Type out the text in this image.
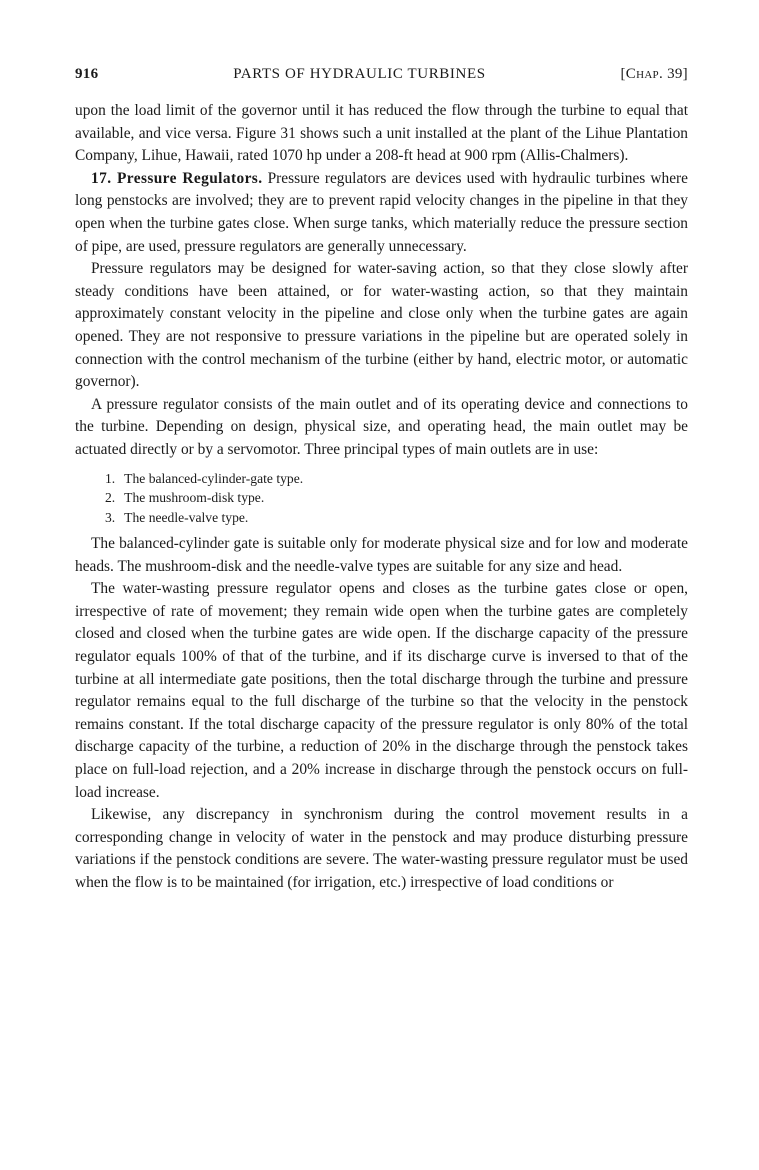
916	PARTS OF HYDRAULIC TURBINES	[Chap. 39]

upon the load limit of the governor until it has reduced the flow through the turbine to equal that available, and vice versa. Figure 31 shows such a unit installed at the plant of the Lihue Plantation Company, Lihue, Hawaii, rated 1070 hp under a 208-ft head at 900 rpm (Allis-Chalmers).

17. Pressure Regulators. Pressure regulators are devices used with hydraulic turbines where long penstocks are involved; they are to prevent rapid velocity changes in the pipeline in that they open when the turbine gates close. When surge tanks, which materially reduce the pressure section of pipe, are used, pressure regulators are generally unnecessary.

Pressure regulators may be designed for water-saving action, so that they close slowly after steady conditions have been attained, or for water-wasting action, so that they maintain approximately constant velocity in the pipeline and close only when the turbine gates are again opened. They are not responsive to pressure variations in the pipeline but are operated solely in connection with the control mechanism of the turbine (either by hand, electric motor, or automatic governor).

A pressure regulator consists of the main outlet and of its operating device and connections to the turbine. Depending on design, physical size, and operating head, the main outlet may be actuated directly or by a servomotor. Three principal types of main outlets are in use:

1. The balanced-cylinder-gate type.
2. The mushroom-disk type.
3. The needle-valve type.

The balanced-cylinder gate is suitable only for moderate physical size and for low and moderate heads. The mushroom-disk and the needle-valve types are suitable for any size and head.

The water-wasting pressure regulator opens and closes as the turbine gates close or open, irrespective of rate of movement; they remain wide open when the turbine gates are completely closed and closed when the turbine gates are wide open. If the discharge capacity of the pressure regulator equals 100% of that of the turbine, and if its discharge curve is inversed to that of the turbine at all intermediate gate positions, then the total discharge through the turbine and pressure regulator remains equal to the full discharge of the turbine so that the velocity in the penstock remains constant. If the total discharge capacity of the pressure regulator is only 80% of the total discharge capacity of the turbine, a reduction of 20% in the discharge through the penstock takes place on full-load rejection, and a 20% increase in discharge through the penstock occurs on full-load increase.

Likewise, any discrepancy in synchronism during the control movement results in a corresponding change in velocity of water in the penstock and may produce disturbing pressure variations if the penstock conditions are severe. The water-wasting pressure regulator must be used when the flow is to be maintained (for irrigation, etc.) irrespective of load conditions or
